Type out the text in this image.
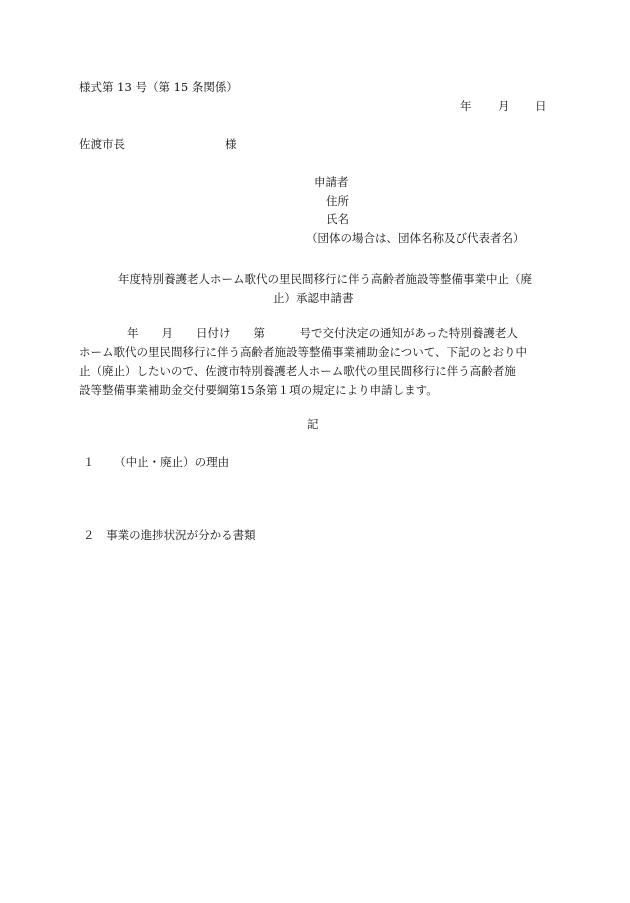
様式第 13 号（第 15 条関係）
年 月 日
佐渡市長	様
申請者
住所
氏名
（団体の場合は、団体名称及び代表者名）
年度特別養護老人ホーム歌代の里民間移行に伴う高齢者施設等整備事業中止（廃
止）承認申請書
年　　月　　日付け　　第　　　号で交付決定の通知があった特別養護老人
ホーム歌代の里民間移行に伴う高齢者施設等整備事業補助金について、下記のとおり中
止（廃止）したいので、佐渡市特別養護老人ホーム歌代の里民間移行に伴う高齢者施
設等整備事業補助金交付要綱第15条第１項の規定により申請します。
記
１ （中止・廃止）の理由
２ 事業の進捗状況が分かる書類
